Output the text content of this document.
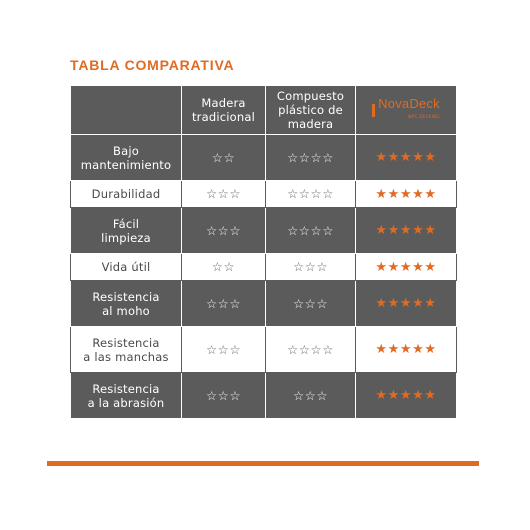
TABLA COMPARATIVA
	Madera
tradicional	Compuesto
plástico de
madera	NovaDeck
WPC DECKING

Bajo
mantenimiento	☆☆	☆☆☆☆	★★★★★
Durabilidad	☆☆☆	☆☆☆☆	★★★★★
Fácil
limpieza	☆☆☆	☆☆☆☆	★★★★★
Vida útil	☆☆	☆☆☆	★★★★★
Resistencia
al moho	☆☆☆	☆☆☆	★★★★★
Resistencia
a las manchas	☆☆☆	☆☆☆☆	★★★★★
Resistencia
a la abrasión	☆☆☆	☆☆☆	★★★★★
